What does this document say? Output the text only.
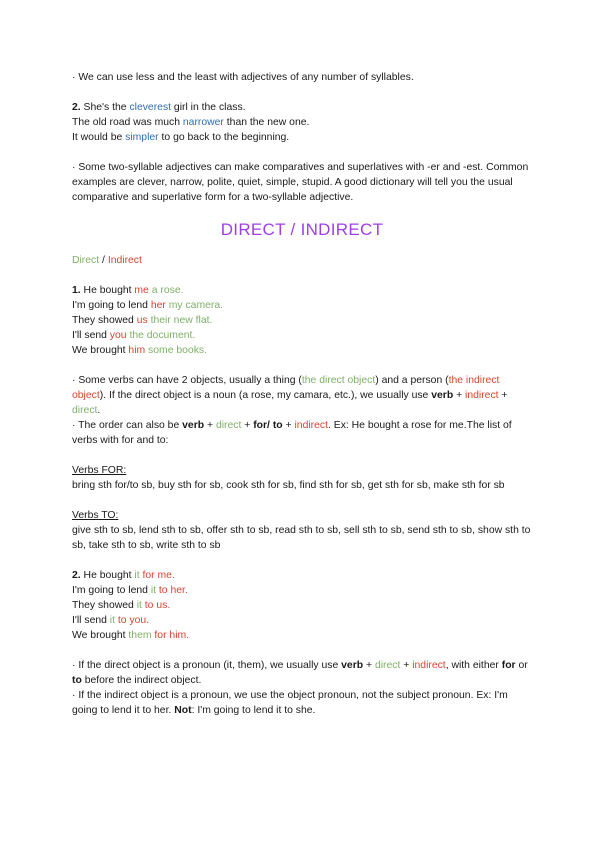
· We can use less and the least with adjectives of any number of syllables.
2. She's the cleverest girl in the class.
The old road was much narrower than the new one.
It would be simpler to go back to the beginning.
· Some two-syllable adjectives can make comparatives and superlatives with -er and -est. Common examples are clever, narrow, polite, quiet, simple, stupid. A good dictionary will tell you the usual comparative and superlative form for a two-syllable adjective.
DIRECT / INDIRECT
Direct / Indirect
1. He bought me a rose.
I'm going to lend her my camera.
They showed us their new flat.
I'll send you the document.
We brought him some books.
· Some verbs can have 2 objects, usually a thing (the direct object) and a person (the indirect object). If the direct object is a noun (a rose, my camara, etc.), we usually use verb + indirect + direct.
· The order can also be verb + direct + for/ to + indirect. Ex: He bought a rose for me.The list of verbs with for and to:
Verbs FOR:
bring sth for/to sb, buy sth for sb, cook sth for sb, find sth for sb, get sth for sb, make sth for sb
Verbs TO:
give sth to sb, lend sth to sb, offer sth to sb, read sth to sb, sell sth to sb, send sth to sb, show sth to sb, take sth to sb, write sth to sb
2. He bought it for me.
I'm going to lend it to her.
They showed it to us.
I'll send it to you.
We brought them for him.
· If the direct object is a pronoun (it, them), we usually use verb + direct + indirect, with either for or to before the indirect object.
· If the indirect object is a pronoun, we use the object pronoun, not the subject pronoun. Ex: I'm going to lend it to her. Not: I'm going to lend it to she.
